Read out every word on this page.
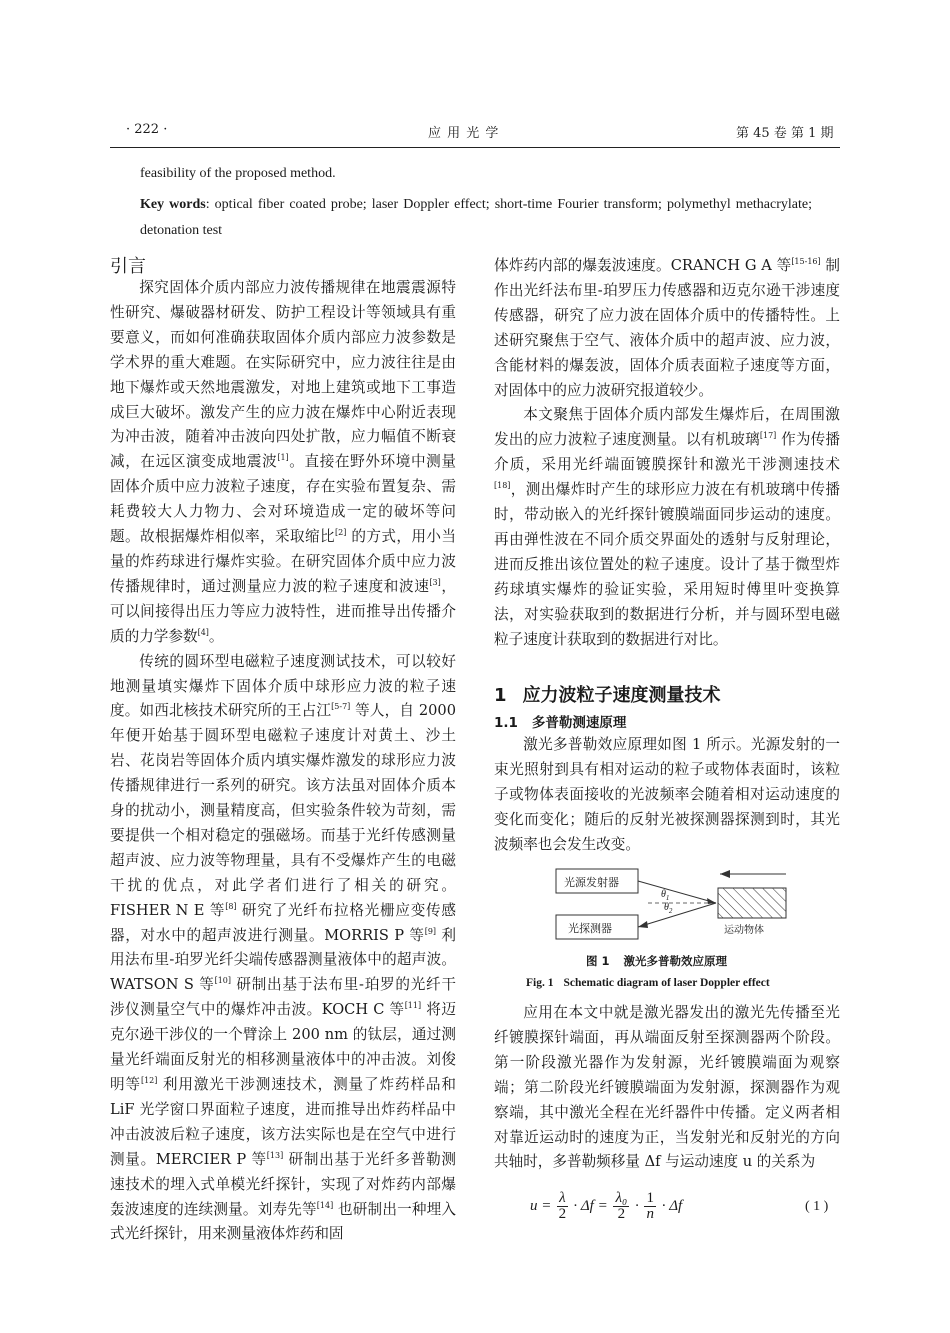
· 222 ·	应 用 光 学	第 45 卷 第 1 期
feasibility of the proposed method.
Key words: optical fiber coated probe; laser Doppler effect; short-time Fourier transform; polymethyl methacrylate; detonation test
引言

探究固体介质内部应力波传播规律在地震震源特性研究、爆破器材研发、防护工程设计等领域具有重要意义，而如何准确获取固体介质内部应力波参数是学术界的重大难题。在实际研究中，应力波往往是由地下爆炸或天然地震激发，对地上建筑或地下工事造成巨大破坏。激发产生的应力波在爆炸中心附近表现为冲击波，随着冲击波向四处扩散，应力幅值不断衰减，在远区演变成地震波[1]。直接在野外环境中测量固体介质中应力波粒子速度，存在实验布置复杂、需耗费较大人力物力、会对环境造成一定的破坏等问题。故根据爆炸相似率，采取缩比[2] 的方式，用小当量的炸药球进行爆炸实验。在研究固体介质中应力波传播规律时，通过测量应力波的粒子速度和波速[3]，可以间接得出压力等应力波特性，进而推导出传播介质的力学参数[4]。

传统的圆环型电磁粒子速度测试技术，可以较好地测量填实爆炸下固体介质中球形应力波的粒子速度。如西北核技术研究所的王占江[5-7] 等人，自 2000 年便开始基于圆环型电磁粒子速度计对黄土、沙土岩、花岗岩等固体介质内填实爆炸激发的球形应力波传播规律进行一系列的研究。该方法虽对固体介质本身的扰动小，测量精度高，但实验条件较为苛刻，需要提供一个相对稳定的强磁场。而基于光纤传感测量超声波、应力波等物理量，具有不受爆炸产生的电磁干扰的优点，对此学者们进行了相关的研究。FISHER N E 等[8] 研究了光纤布拉格光栅应变传感器，对水中的超声波进行测量。MORRIS P 等[9] 利用法布里-珀罗光纤尖端传感器测量液体中的超声波。WATSON S 等[10] 研制出基于法布里-珀罗的光纤干涉仪测量空气中的爆炸冲击波。KOCH C 等[11] 将迈克尔逊干涉仪的一个臂涂上 200 nm 的钛层，通过测量光纤端面反射光的相移测量液体中的冲击波。刘俊明等[12] 利用激光干涉测速技术，测量了炸药样品和 LiF 光学窗口界面粒子速度，进而推导出炸药样品中冲击波波后粒子速度，该方法实际也是在空气中进行测量。MERCIER P 等[13] 研制出基于光纤多普勒测速技术的埋入式单模光纤探针，实现了对炸药内部爆轰波速度的连续测量。刘寿先等[14] 也研制出一种埋入式光纤探针，用来测量液体炸药和固

体炸药内部的爆轰波速度。CRANCH G A 等[15-16] 制作出光纤法布里-珀罗压力传感器和迈克尔逊干涉速度传感器，研究了应力波在固体介质中的传播特性。上述研究聚焦于空气、液体介质中的超声波、应力波，含能材料的爆轰波，固体介质表面粒子速度等方面，对固体中的应力波研究报道较少。

本文聚焦于固体介质内部发生爆炸后，在周围激发出的应力波粒子速度测量。以有机玻璃[17] 作为传播介质，采用光纤端面镀膜探针和激光干涉测速技术[18]，测出爆炸时产生的球形应力波在有机玻璃中传播时，带动嵌入的光纤探针镀膜端面同步运动的速度。再由弹性波在不同介质交界面处的透射与反射理论，进而反推出该位置处的粒子速度。设计了基于微型炸药球填实爆炸的验证实验，采用短时傅里叶变换算法，对实验获取到的数据进行分析，并与圆环型电磁粒子速度计获取到的数据进行对比。

1 应力波粒子速度测量技术
1.1 多普勒测速原理

激光多普勒效应原理如图 1 所示。光源发射的一束光照射到具有相对运动的粒子或物体表面时，该粒子或物体表面接收的光波频率会随着相对运动速度的变化而变化；随后的反射光被探测器探测到时，其光波频率也会发生改变。

光源发射器
光探测器	运动物体
$\theta_1$
$\theta_2$
图 1 激光多普勒效应原理
Fig. 1 Schematic diagram of laser Doppler effect

应用在本文中就是激光器发出的激光先传播至光纤镀膜探针端面，再从端面反射至探测器两个阶段。第一阶段激光器作为发射源，光纤镀膜端面为观察端；第二阶段光纤镀膜端面为发射源，探测器作为观察端，其中激光全程在光纤器件中传播。定义两者相对靠近运动时的速度为正，当发射光和反射光的方向共轴时，多普勒频移量 Δf 与运动速度 u 的关系为

$u = \frac{\lambda}{2} \cdot \Delta f = \frac{\text{λ₀}}{2} \cdot \frac{1}{n} \cdot \Delta f$	( 1 )
